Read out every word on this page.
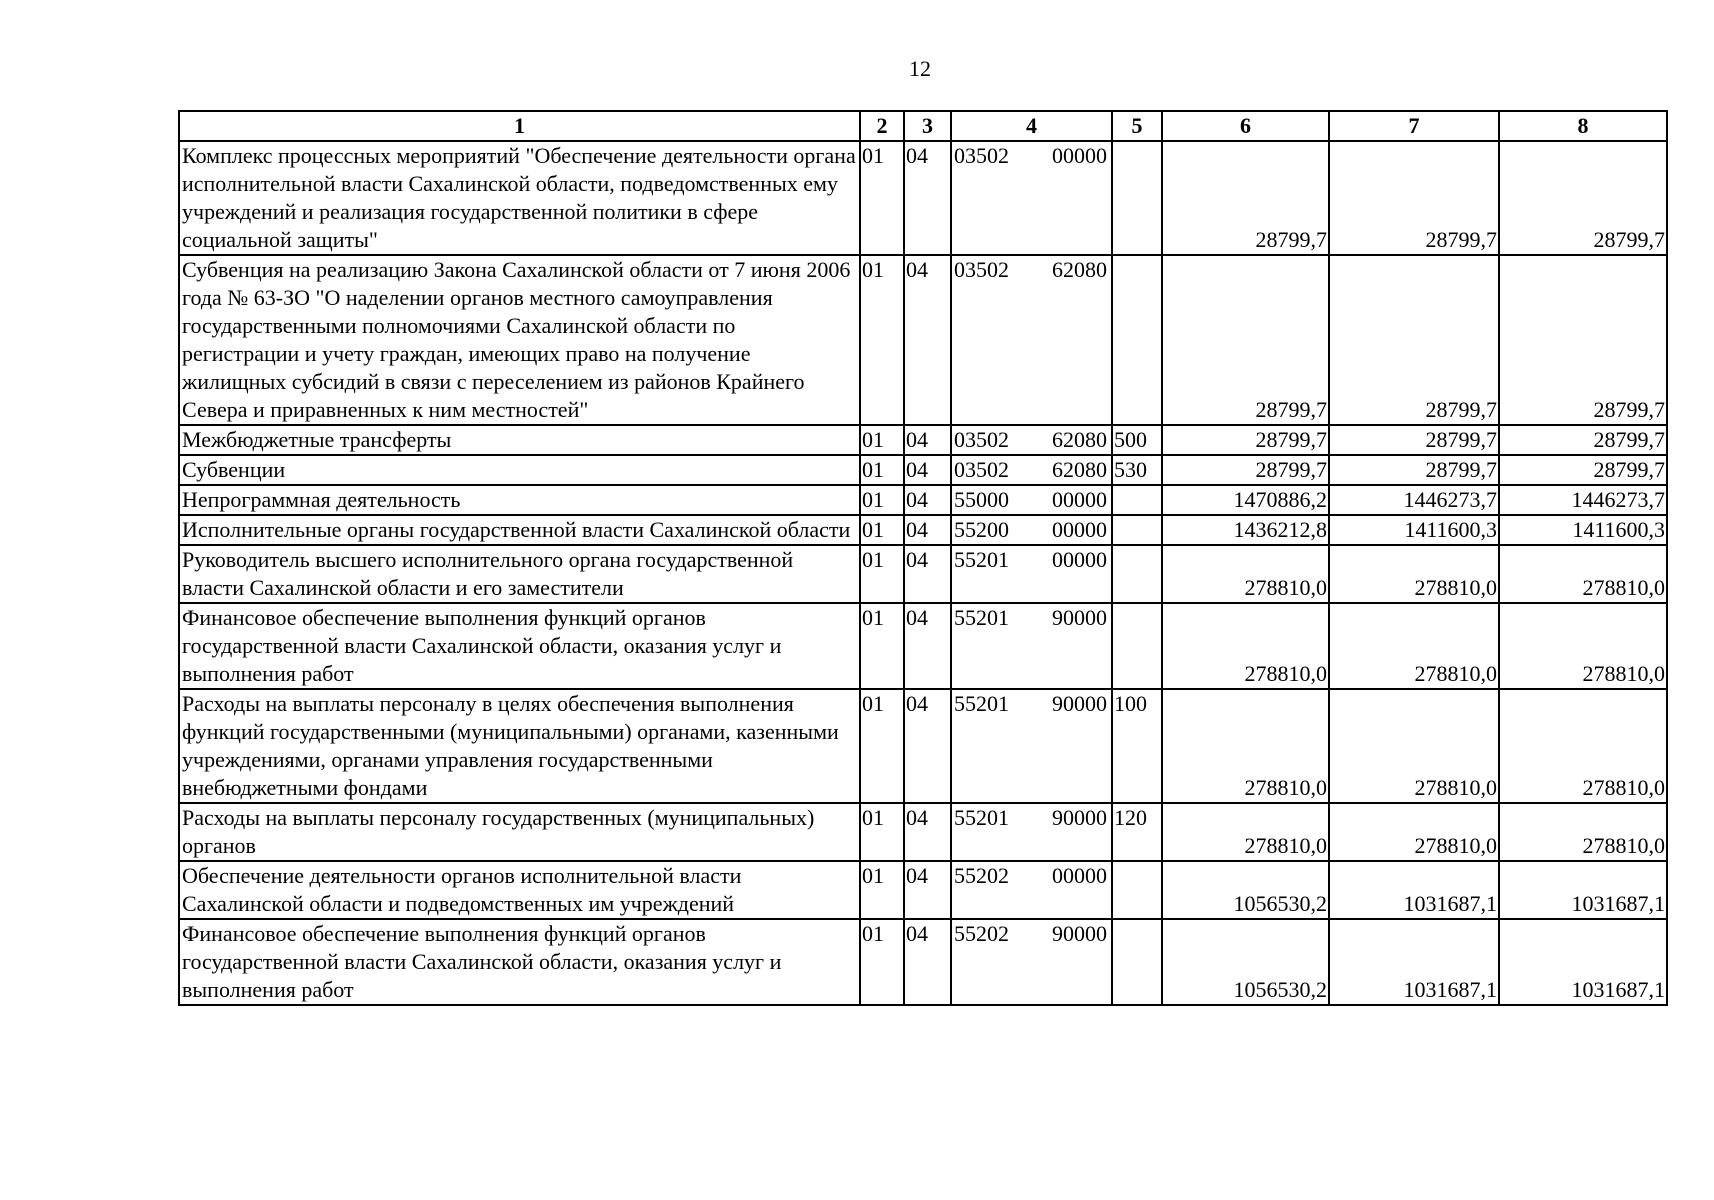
12
1	2	3	4	5	6	7	8
Комплекс процессных мероприятий "Обеспечение деятельности органа исполнительной власти Сахалинской области, подведомственных ему учреждений и реализация государственной политики в сфере социальной защиты"	01	04	03502 00000		28799,7	28799,7	28799,7
Субвенция на реализацию Закона Сахалинской области от 7 июня 2006 года № 63-ЗО "О наделении органов местного самоуправления государственными полномочиями Сахалинской области по регистрации и учету граждан, имеющих право на получение жилищных субсидий в связи с переселением из районов Крайнего Севера и приравненных к ним местностей"	01	04	03502 62080		28799,7	28799,7	28799,7
Межбюджетные трансферты	01	04	03502 62080	500	28799,7	28799,7	28799,7
Субвенции	01	04	03502 62080	530	28799,7	28799,7	28799,7
Непрограммная деятельность	01	04	55000 00000		1470886,2	1446273,7	1446273,7
Исполнительные органы государственной власти Сахалинской области	01	04	55200 00000		1436212,8	1411600,3	1411600,3
Руководитель высшего исполнительного органа государственной власти Сахалинской области и его заместители	01	04	55201 00000		278810,0	278810,0	278810,0
Финансовое обеспечение выполнения функций органов государственной власти Сахалинской области, оказания услуг и выполнения работ	01	04	55201 90000		278810,0	278810,0	278810,0
Расходы на выплаты персоналу в целях обеспечения выполнения функций государственными (муниципальными) органами, казенными учреждениями, органами управления государственными внебюджетными фондами	01	04	55201 90000	100	278810,0	278810,0	278810,0
Расходы на выплаты персоналу государственных (муниципальных) органов	01	04	55201 90000	120	278810,0	278810,0	278810,0
Обеспечение деятельности органов исполнительной власти Сахалинской области и подведомственных им учреждений	01	04	55202 00000		1056530,2	1031687,1	1031687,1
Финансовое обеспечение выполнения функций органов государственной власти Сахалинской области, оказания услуг и выполнения работ	01	04	55202 90000		1056530,2	1031687,1	1031687,1
